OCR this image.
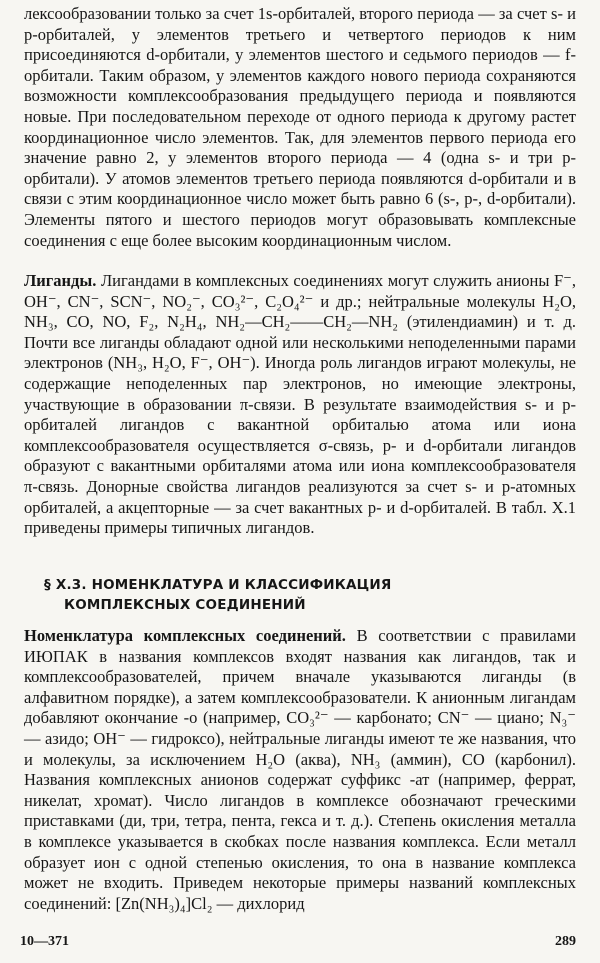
лексообразовании только за счет 1s-орбиталей, второго периода — за счет s- и p-орбиталей, у элементов третьего и четвертого периодов к ним присоединяются d-орбитали, у элементов шестого и седьмого периодов — f-орбитали. Таким образом, у элементов каждого нового периода сохраняются возможности комплексообразования предыдущего периода и появляются новые. При последовательном переходе от одного периода к другому растет координационное число элементов. Так, для элементов первого периода его значение равно 2, у элементов второго периода — 4 (одна s- и три p-орбитали). У атомов элементов третьего периода появляются d-орбитали и в связи с этим координационное число может быть равно 6 (s-, p-, d-орбитали). Элементы пятого и шестого периодов могут образовывать комплексные соединения с еще более высоким координационным числом.

Лиганды. Лигандами в комплексных соединениях могут служить анионы F⁻, OH⁻, CN⁻, SCN⁻, NO₂⁻, CO₃²⁻, C₂O₄²⁻ и др.; нейтральные молекулы H₂O, NH₃, CO, NO, F₂, N₂H₄, NH₂—CH₂——CH₂—NH₂ (этилендиамин) и т. д. Почти все лиганды обладают одной или несколькими неподеленными парами электронов (NH₃, H₂O, F⁻, OH⁻). Иногда роль лигандов играют молекулы, не содержащие неподеленных пар электронов, но имеющие электроны, участвующие в образовании π-связи. В результате взаимодействия s- и p-орбиталей лигандов с вакантной орбиталью атома или иона комплексообразователя осуществляется σ-связь, p- и d-орбитали лигандов образуют с вакантными орбиталями атома или иона комплексообразователя π-связь. Донорные свойства лигандов реализуются за счет s- и p-атомных орбиталей, а акцепторные — за счет вакантных p- и d-орбиталей. В табл. X.1 приведены примеры типичных лигандов.

§ X.3. НОМЕНКЛАТУРА И КЛАССИФИКАЦИЯ
КОМПЛЕКСНЫХ СОЕДИНЕНИЙ

Номенклатура комплексных соединений. В соответствии с правилами ИЮПАК в названия комплексов входят названия как лигандов, так и комплексообразователей, причем вначале указываются лиганды (в алфавитном порядке), а затем комплексообразователи. К анионным лигандам добавляют окончание -о (например, CO₃²⁻ — карбонато; CN⁻ — циано; N₃⁻ — азидо; OH⁻ — гидроксо), нейтральные лиганды имеют те же названия, что и молекулы, за исключением H₂O (аква), NH₃ (аммин), CO (карбонил). Названия комплексных анионов содержат суффикс -ат (например, феррат, никелат, хромат). Число лигандов в комплексе обозначают греческими приставками (ди, три, тетра, пента, гекса и т. д.). Степень окисления металла в комплексе указывается в скобках после названия комплекса. Если металл образует ион с одной степенью окисления, то она в название комплекса может не входить. Приведем некоторые примеры названий комплексных соединений: [Zn(NH₃)₄]Cl₂ — дихлорид

10—371	289
